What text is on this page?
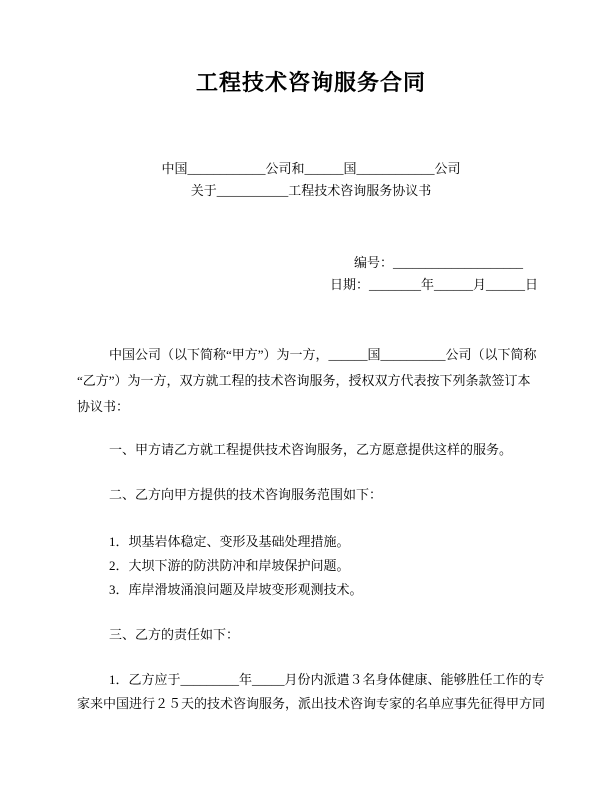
工程技术咨询服务合同
中国____________公司和______国____________公司
关于___________工程技术咨询服务协议书
编号：____________________
日期：________年______月______日
中国公司（以下简称“甲方”）为一方，______国__________公司（以下简称
“乙方”）为一方，双方就工程的技术咨询服务，授权双方代表按下列条款签订本
协议书：
一、甲方请乙方就工程提供技术咨询服务，乙方愿意提供这样的服务。
二、乙方向甲方提供的技术咨询服务范围如下：
1．坝基岩体稳定、变形及基础处理措施。
2．大坝下游的防洪防冲和岸坡保护问题。
3．库岸滑坡涌浪问题及岸坡变形观测技术。
三、乙方的责任如下：
1．乙方应于_________年_____月份内派遣３名身体健康、能够胜任工作的专
家来中国进行２５天的技术咨询服务，派出技术咨询专家的名单应事先征得甲方同
